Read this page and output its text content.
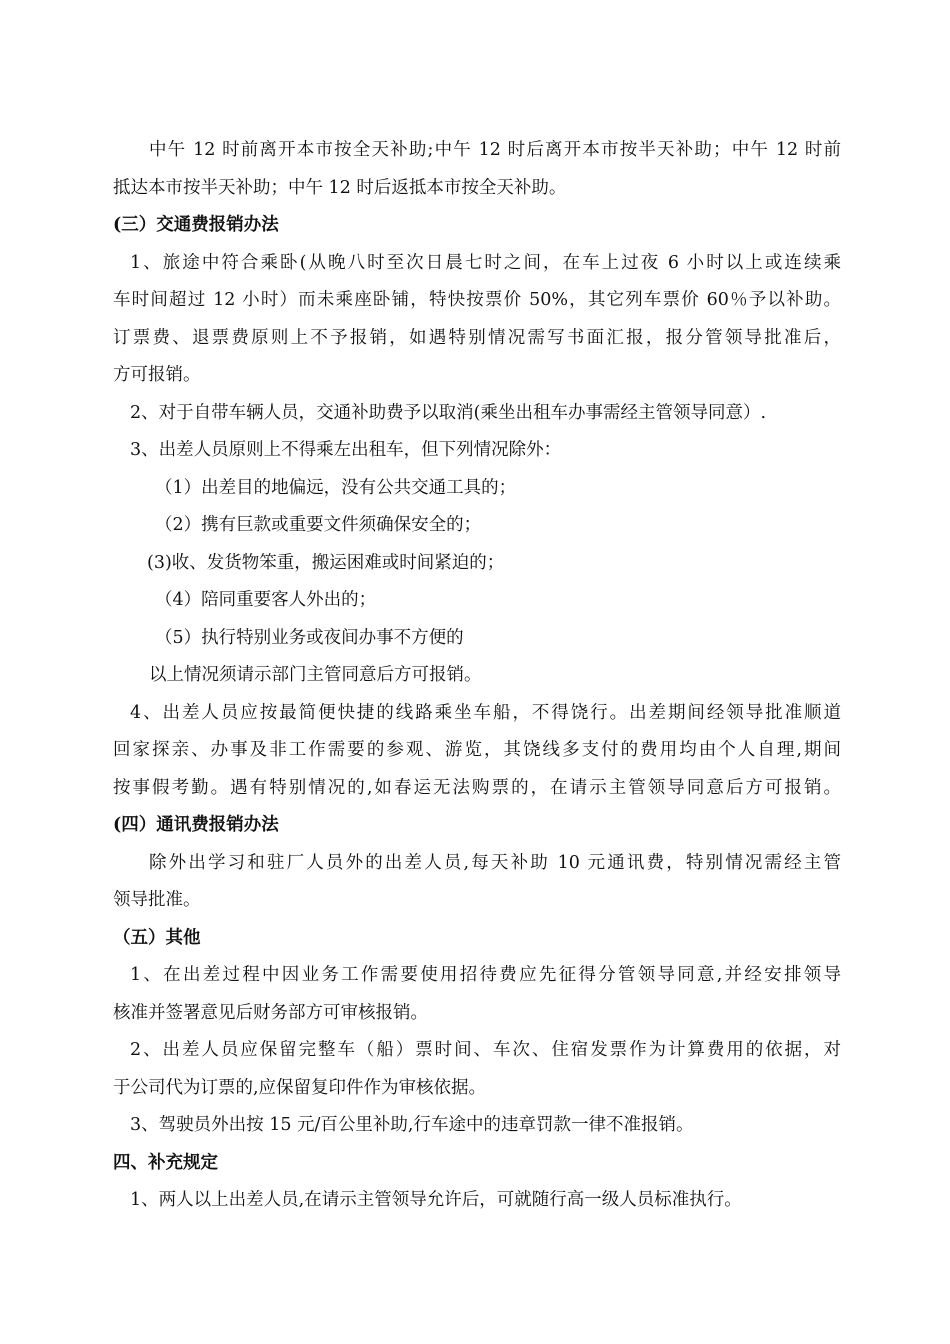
中午 12 时前离开本市按全天补助;中午 12 时后离开本市按半天补助；中午 12 时前
抵达本市按半天补助；中午 12 时后返抵本市按全天补助。
(三）交通费报销办法
1、旅途中符合乘卧(从晚八时至次日晨七时之间，在车上过夜 6 小时以上或连续乘
车时间超过 12 小时）而未乘座卧铺，特快按票价 50%，其它列车票价 60％予以补助。
订票费、退票费原则上不予报销，如遇特别情况需写书面汇报，报分管领导批准后，
方可报销。
2、对于自带车辆人员，交通补助费予以取消(乘坐出租车办事需经主管领导同意）.
3、出差人员原则上不得乘左出租车，但下列情况除外：
（1）出差目的地偏远，没有公共交通工具的；
（2）携有巨款或重要文件须确保安全的；
(3)收、发货物笨重，搬运困难或时间紧迫的；
（4）陪同重要客人外出的；
（5）执行特别业务或夜间办事不方便的
以上情况须请示部门主管同意后方可报销。
4、出差人员应按最简便快捷的线路乘坐车船，不得饶行。出差期间经领导批准顺道
回家探亲、办事及非工作需要的参观、游览，其饶线多支付的费用均由个人自理,期间
按事假考勤。遇有特别情况的,如春运无法购票的，在请示主管领导同意后方可报销。
(四）通讯费报销办法
除外出学习和驻厂人员外的出差人员,每天补助 10 元通讯费，特别情况需经主管
领导批准。
（五）其他
1、在出差过程中因业务工作需要使用招待费应先征得分管领导同意,并经安排领导
核准并签署意见后财务部方可审核报销。
2、出差人员应保留完整车（船）票时间、车次、住宿发票作为计算费用的依据，对
于公司代为订票的,应保留复印件作为审核依据。
3、驾驶员外出按 15 元/百公里补助,行车途中的违章罚款一律不准报销。
四、补充规定
1、两人以上出差人员,在请示主管领导允许后，可就随行高一级人员标准执行。
